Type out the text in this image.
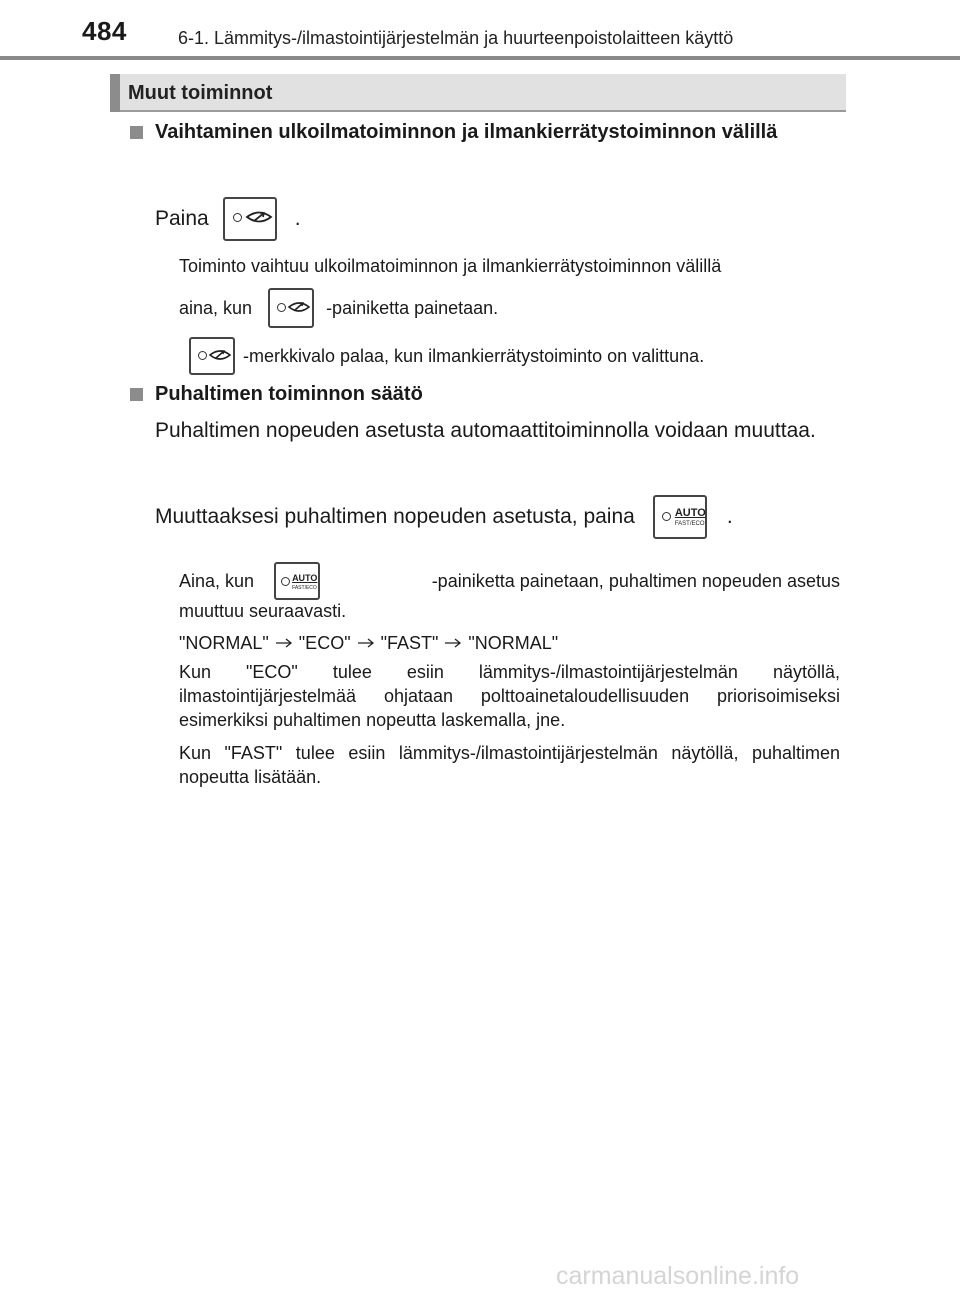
484	6-1. Lämmitys-/ilmastointijärjestelmän ja huurteenpoistolaitteen käyttö
Muut toiminnot
Vaihtaminen ulkoilmatoiminnon ja ilmankierrätystoiminnon välillä
Paina	.
Toiminto vaihtuu ulkoilmatoiminnon ja ilmankierrätystoiminnon välillä
aina, kun	-painiketta painetaan.
-merkkivalo palaa, kun ilmankierrätystoiminto on valittuna.
Puhaltimen toiminnon säätö
Puhaltimen nopeuden asetusta automaattitoiminnolla voidaan muuttaa.
Muuttaaksesi puhaltimen nopeuden asetusta, paina	AUTO
FAST/ECO .
Aina, kun	AUTO
FAST/ECO	-painiketta painetaan, puhaltimen nopeuden asetus
muuttuu seuraavasti.
"NORMAL" "ECO" "FAST" "NORMAL"
Kun "ECO" tulee esiin lämmitys-/ilmastointijärjestelmän näytöllä, ilmastointijärjestelmää ohjataan polttoainetaloudellisuuden priorisoimiseksi esimerkiksi puhaltimen nopeutta laskemalla, jne.
Kun "FAST" tulee esiin lämmitys-/ilmastointijärjestelmän näytöllä, puhaltimen nopeutta lisätään.
carmanualsonline.info
